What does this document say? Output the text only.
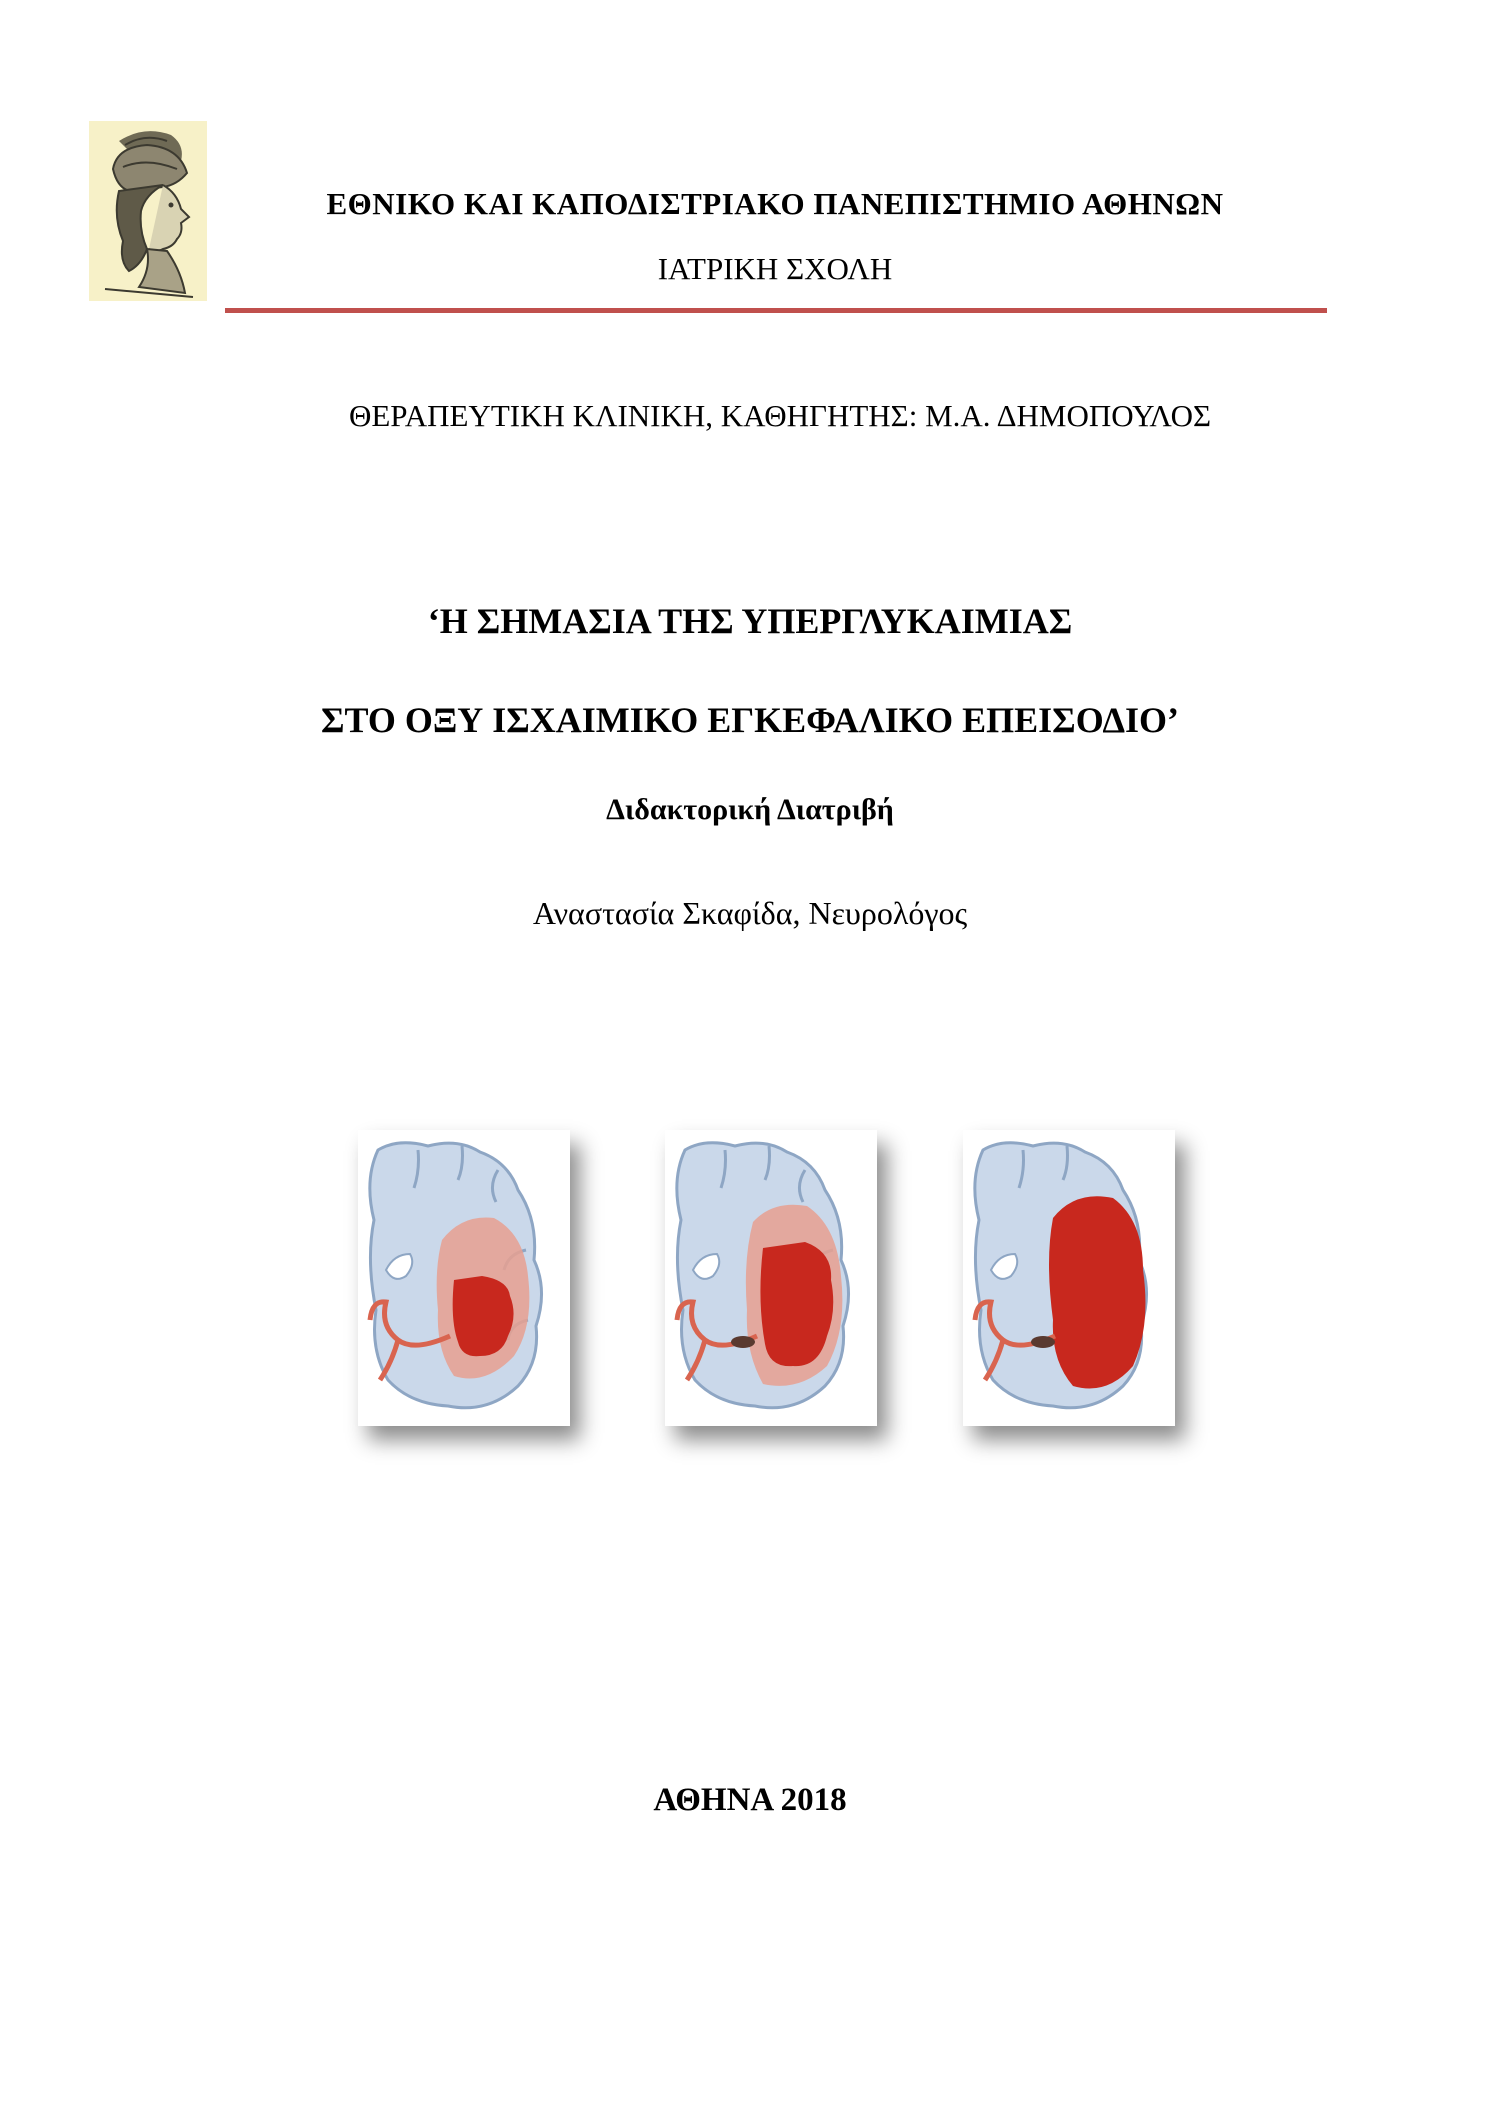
ΕΘΝΙΚΟ ΚΑΙ ΚΑΠΟΔΙΣΤΡΙΑΚΟ ΠΑΝΕΠΙΣΤΗΜΙΟ ΑΘΗΝΩΝ
ΙΑΤΡΙΚΗ ΣΧΟΛΗ
ΘΕΡΑΠΕΥΤΙΚΗ ΚΛΙΝΙΚΗ, ΚΑΘΗΓΗΤΗΣ: Μ.Α. ΔΗΜΟΠΟΥΛΟΣ
‘Η ΣΗΜΑΣΙΑ ΤΗΣ ΥΠΕΡΓΛΥΚΑΙΜΙΑΣ
ΣΤΟ ΟΞΥ ΙΣΧΑΙΜΙΚΟ ΕΓΚΕΦΑΛΙΚΟ ΕΠΕΙΣΟΔΙΟ’
Διδακτορική Διατριβή
Αναστασία Σκαφίδα, Νευρολόγος
ΑΘΗΝΑ 2018
